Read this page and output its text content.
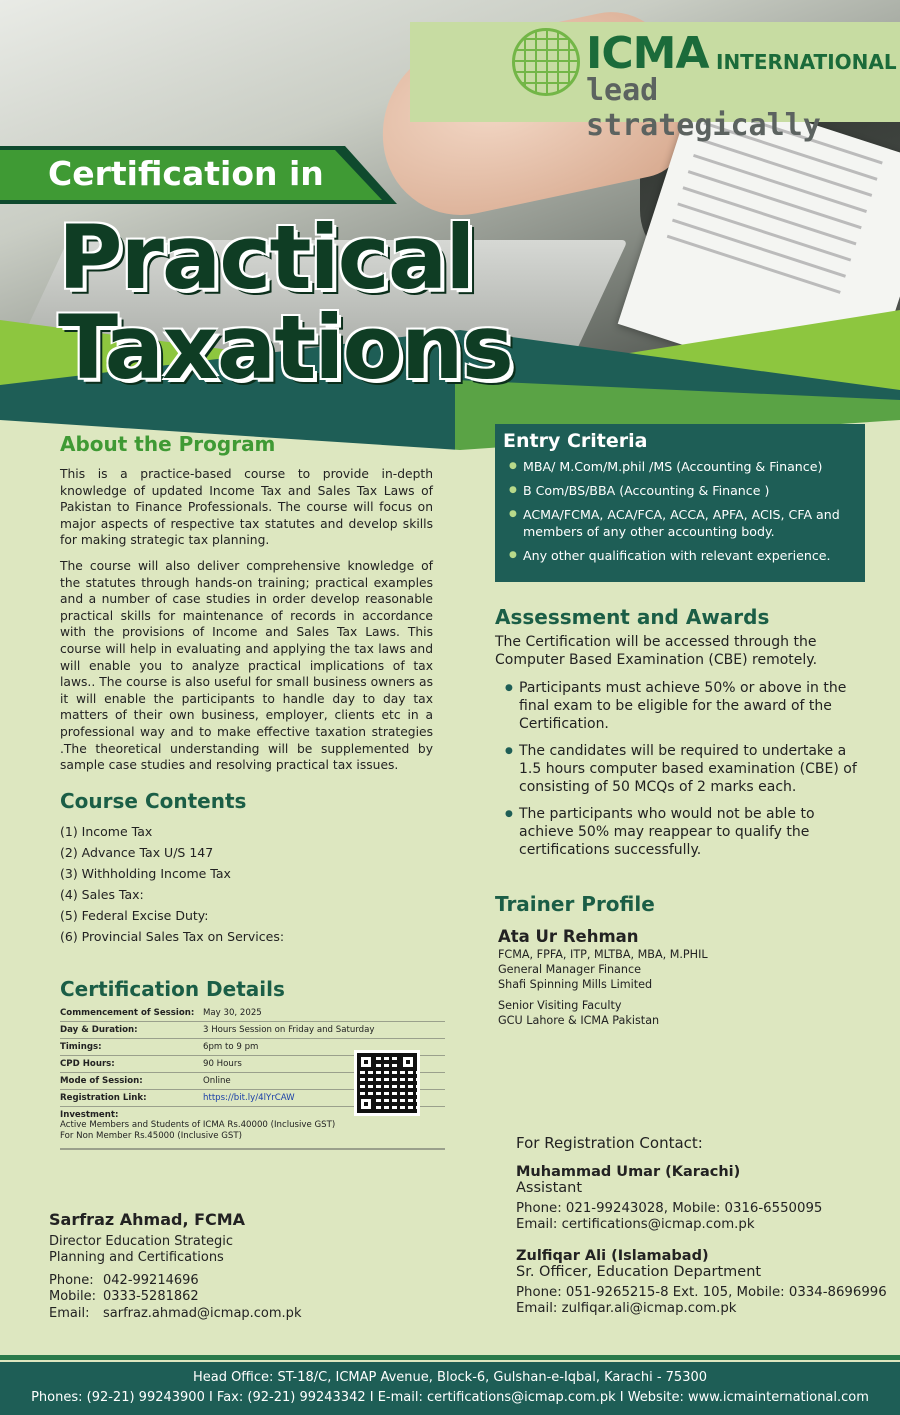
ICMA INTERNATIONAL
lead strategically
Certification in
Practical
Taxations
About the Program

This is a practice-based course to provide in-depth knowledge of updated Income Tax and Sales Tax Laws of Pakistan to Finance Professionals. The course will focus on major aspects of respective tax statutes and develop skills for making strategic tax planning.

The course will also deliver comprehensive knowledge of the statutes through hands-on training; practical examples and a number of case studies in order develop reasonable practical skills for maintenance of records in accordance with the provisions of Income and Sales Tax Laws. This course will help in evaluating and applying the tax laws and will enable you to analyze practical implications of tax laws.. The course is also useful for small business owners as it will enable the participants to handle day to day tax matters of their own business, employer, clients etc in a professional way and to make effective taxation strategies .The theoretical understanding will be supplemented by sample case studies and resolving practical tax issues.

Course Contents
(1) Income Tax
(2) Advance Tax U/S 147
(3) Withholding Income Tax
(4) Sales Tax:
(5) Federal Excise Duty:
(6) Provincial Sales Tax on Services:
Certification Details
Commencement of Session:	May 30, 2025
Day & Duration:	3 Hours Session on Friday and Saturday
Timings:	6pm to 9 pm
CPD Hours:	90 Hours
Mode of Session:	Online
Registration Link:	https://bit.ly/4lYrCAW
Investment:
Active Members and Students of ICMA Rs.40000 (Inclusive GST)
For Non Member Rs.45000 (Inclusive GST)
Sarfraz Ahmad, FCMA
Director Education Strategic
Planning and Certifications
Phone: 042-99214696
Mobile: 0333-5281862
Email: sarfraz.ahmad@icmap.com.pk
Entry Criteria
● MBA/ M.Com/M.phil /MS (Accounting & Finance)
● B Com/BS/BBA (Accounting & Finance )
● ACMA/FCMA, ACA/FCA, ACCA, APFA, ACIS, CFA and members of any other accounting body.
● Any other qualification with relevant experience.
Assessment and Awards

The Certification will be accessed through the Computer Based Examination (CBE) remotely.

● Participants must achieve 50% or above in the final exam to be eligible for the award of the Certification.
● The candidates will be required to undertake a 1.5 hours computer based examination (CBE) of consisting of 50 MCQs of 2 marks each.
● The participants who would not be able to achieve 50% may reappear to qualify the certifications successfully.
Trainer Profile
Ata Ur Rehman
FCMA, FPFA, ITP, MLTBA, MBA, M.PHIL
General Manager Finance
Shafi Spinning Mills Limited
Senior Visiting Faculty
GCU Lahore & ICMA Pakistan
For Registration Contact:
Muhammad Umar (Karachi)
Assistant
Phone: 021-99243028, Mobile: 0316-6550095
Email: certifications@icmap.com.pk
Zulfiqar Ali (Islamabad)
Sr. Officer, Education Department
Phone: 051-9265215-8 Ext. 105, Mobile: 0334-8696996
Email: zulfiqar.ali@icmap.com.pk
Head Office: ST-18/C, ICMAP Avenue, Block-6, Gulshan-e-Iqbal, Karachi - 75300
Phones: (92-21) 99243900 I Fax: (92-21) 99243342 I E-mail: certifications@icmap.com.pk I Website: www.icmainternational.com
